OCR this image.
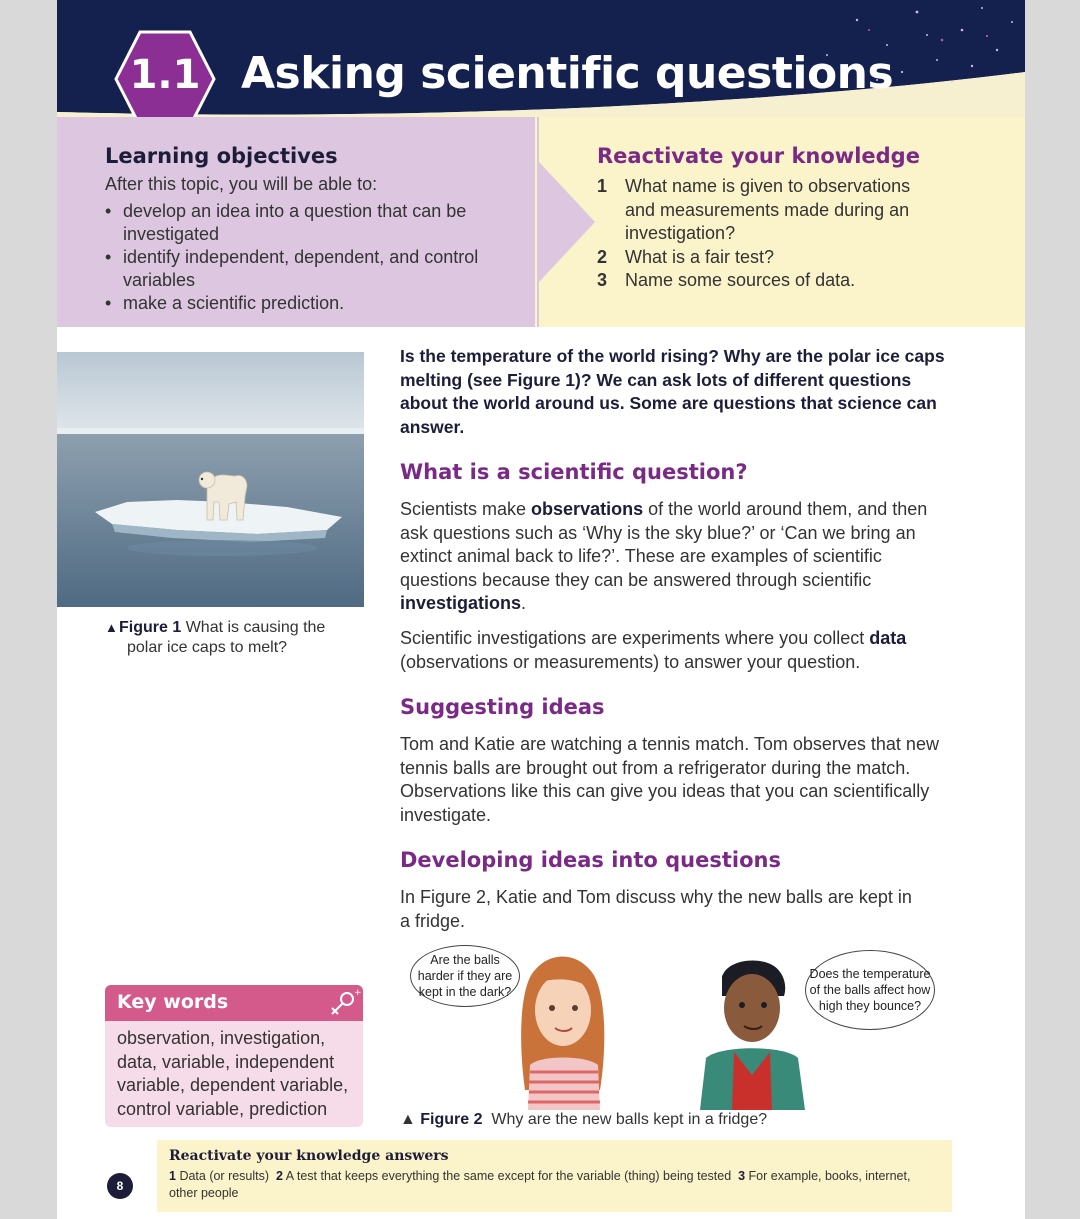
1.1 Asking scientific questions
Learning objectives
After this topic, you will be able to:
• develop an idea into a question that can be investigated
• identify independent, dependent, and control variables
• make a scientific prediction.
Reactivate your knowledge
1 What name is given to observations and measurements made during an investigation?
2 What is a fair test?
3 Name some sources of data.
▲Figure 1 What is causing the
polar ice caps to melt?
Is the temperature of the world rising? Why are the polar ice caps melting (see Figure 1)? We can ask lots of different questions about the world around us. Some are questions that science can answer.
What is a scientific question?
Scientists make observations of the world around them, and then ask questions such as ‘Why is the sky blue?’ or ‘Can we bring an extinct animal back to life?’. These are examples of scientific questions because they can be answered through scientific investigations.
Scientific investigations are experiments where you collect data (observations or measurements) to answer your question.
Suggesting ideas
Tom and Katie are watching a tennis match. Tom observes that new tennis balls are brought out from a refrigerator during the match. Observations like this can give you ideas that you can scientifically investigate.
Developing ideas into questions
In Figure 2, Katie and Tom discuss why the new balls are kept in a fridge.
Key words	+
observation, investigation, data, variable, independent variable, dependent variable, control variable, prediction
Are the balls harder if they are kept in the dark?
Does the temperature of the balls affect how high they bounce?
▲ Figure 2 Why are the new balls kept in a fridge?
Reactivate your knowledge answers
1 Data (or results) 2 A test that keeps everything the same except for the variable (thing) being tested 3 For example, books, internet, other people
8
